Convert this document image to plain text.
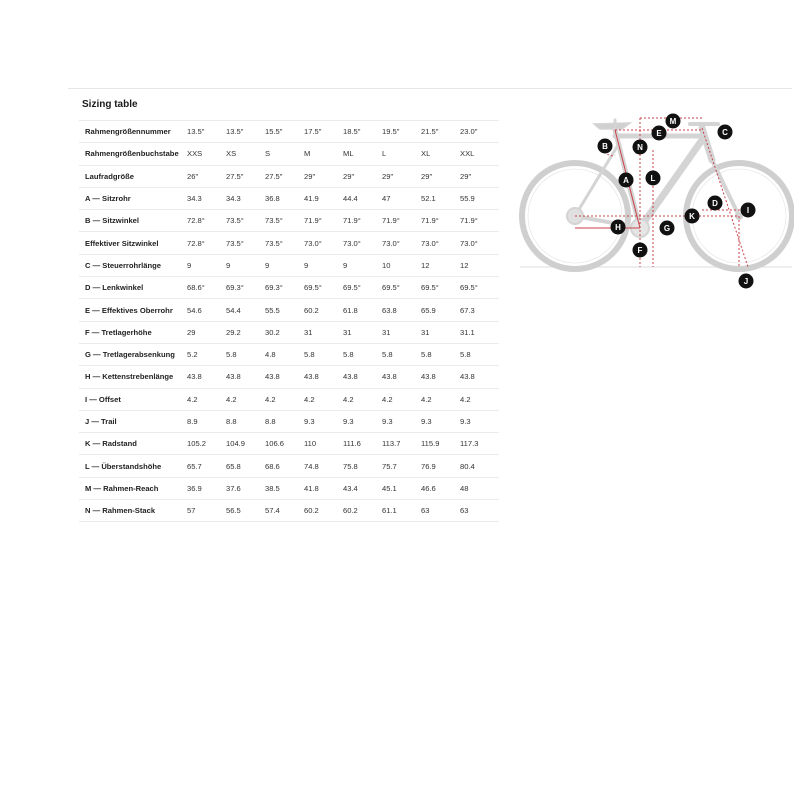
Sizing table
Rahmengrößennummer	13.5"	13.5"	15.5"	17.5"	18.5"	19.5"	21.5"	23.0"
Rahmengrößenbuchstabe	XXS	XS	S	M	ML	L	XL	XXL
Laufradgröße	26"	27.5"	27.5"	29"	29"	29"	29"	29"
A — Sitzrohr	34.3	34.3	36.8	41.9	44.4	47	52.1	55.9
B — Sitzwinkel	72.8°	73.5°	73.5°	71.9°	71.9°	71.9°	71.9°	71.9°
Effektiver Sitzwinkel	72.8°	73.5°	73.5°	73.0°	73.0°	73.0°	73.0°	73.0°
C — Steuerrohrlänge	9	9	9	9	9	10	12	12
D — Lenkwinkel	68.6°	69.3°	69.3°	69.5°	69.5°	69.5°	69.5°	69.5°
E — Effektives Oberrohr	54.6	54.4	55.5	60.2	61.8	63.8	65.9	67.3
F — Tretlagerhöhe	29	29.2	30.2	31	31	31	31	31.1
G — Tretlagerabsenkung	5.2	5.8	4.8	5.8	5.8	5.8	5.8	5.8
H — Kettenstrebenlänge	43.8	43.8	43.8	43.8	43.8	43.8	43.8	43.8
I — Offset	4.2	4.2	4.2	4.2	4.2	4.2	4.2	4.2
J — Trail	8.9	8.8	8.8	9.3	9.3	9.3	9.3	9.3
K — Radstand	105.2	104.9	106.6	110	111.6	113.7	115.9	117.3
L — Überstandshöhe	65.7	65.8	68.6	74.8	75.8	75.7	76.9	80.4
M — Rahmen-Reach	36.9	37.6	38.5	41.8	43.4	45.1	46.6	48
N — Rahmen-Stack	57	56.5	57.4	60.2	60.2	61.1	63	63
M
E	C
B	N
A	L
D
I
K
H	G
F
J
